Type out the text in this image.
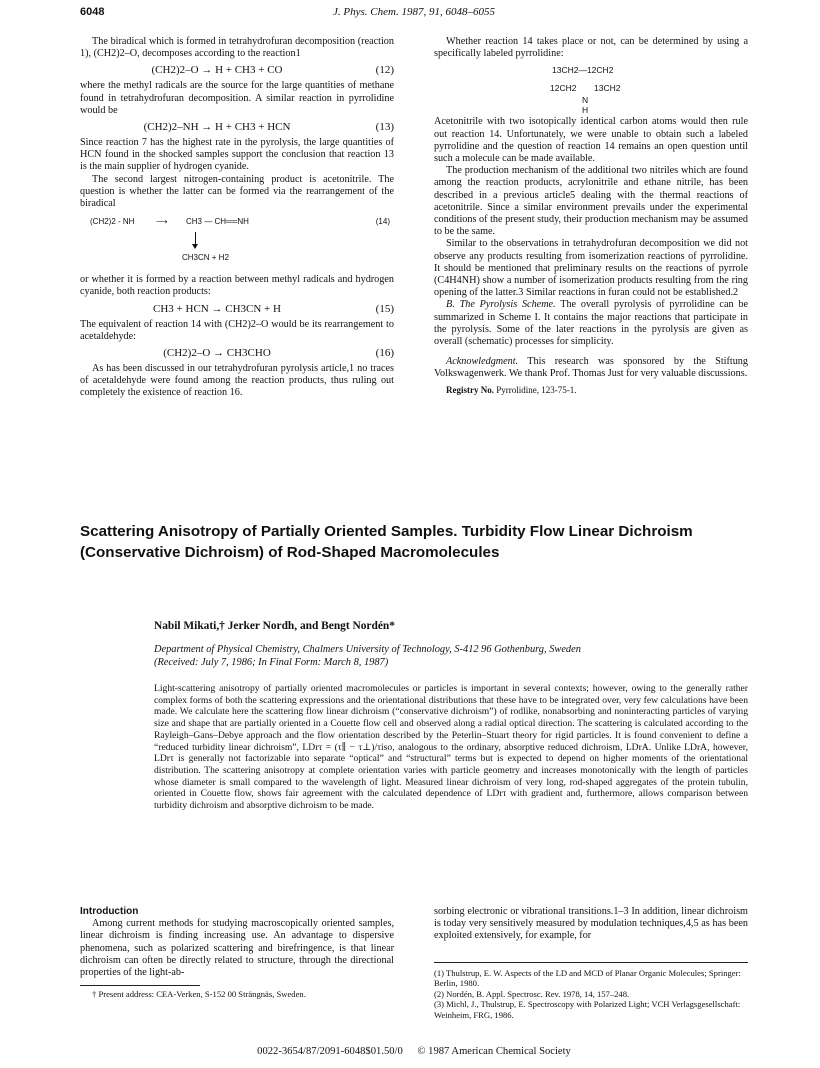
6048	J. Phys. Chem. 1987, 91, 6048–6055

The biradical which is formed in tetrahydrofuran decomposition (reaction 1), (CH2)2–O, decomposes according to the reaction1

(CH2)2–O → H + CH3 + CO	(12)

where the methyl radicals are the source for the large quantities of methane found in tetrahydrofuran decomposition. A similar reaction in pyrrolidine would be

(CH2)2–NH → H + CH3 + HCN	(13)

Since reaction 7 has the highest rate in the pyrolysis, the large quantities of HCN found in the shocked samples support the conclusion that reaction 13 is the main supplier of hydrogen cyanide.

The second largest nitrogen-containing product is acetonitrile. The question is whether the latter can be formed via the rearrangement of the biradical

(CH2)2 - NH	⟶ CH3 — CH══NH	(14)
CH3CN + H2

or whether it is formed by a reaction between methyl radicals and hydrogen cyanide, both reaction products:

CH3 + HCN → CH3CN + H	(15)

The equivalent of reaction 14 with (CH2)2–O would be its rearrangement to acetaldehyde:

(CH2)2–O → CH3CHO	(16)

As has been discussed in our tetrahydrofuran pyrolysis article,1 no traces of acetaldehyde were found among the reaction products, thus ruling out completely the existence of reaction 16.

Whether reaction 14 takes place or not, can be determined by using a specifically labeled pyrrolidine:

13CH2—12CH2
12CH2 13CH2
N
H

Acetonitrile with two isotopically identical carbon atoms would then rule out reaction 14. Unfortunately, we were unable to obtain such a labeled pyrrolidine and the question of reaction 14 remains an open question until such a molecule can be made available.

The production mechanism of the additional two nitriles which are found among the reaction products, acrylonitrile and ethane nitrile, has been described in a previous article5 dealing with the thermal reactions of acetonitrile. Since a similar environment prevails under the experimental conditions of the present study, their production mechanism may be assumed to be the same.

Similar to the observations in tetrahydrofuran decomposition we did not observe any products resulting from isomerization reactions of pyrrolidine. It should be mentioned that preliminary results on the reactions of pyrrole (C4H4NH) show a number of isomerization products resulting from the ring opening of the latter.3 Similar reactions in furan could not be established.2

B. The Pyrolysis Scheme. The overall pyrolysis of pyrrolidine can be summarized in Scheme I. It contains the major reactions that participate in the pyrolysis. Some of the later reactions in the pyrolysis are given as overall (schematic) processes for simplicity.

Acknowledgment. This research was sponsored by the Stiftung Volkswagenwerk. We thank Prof. Thomas Just for very valuable discussions.

Registry No. Pyrrolidine, 123-75-1.

Scattering Anisotropy of Partially Oriented Samples. Turbidity Flow Linear Dichroism
(Conservative Dichroism) of Rod-Shaped Macromolecules
Nabil Mikati,† Jerker Nordh, and Bengt Nordén*
Department of Physical Chemistry, Chalmers University of Technology, S-412 96 Gothenburg, Sweden
(Received: July 7, 1986; In Final Form: March 8, 1987)
Light-scattering anisotropy of partially oriented macromolecules or particles is important in several contexts; however, owing to the generally rather complex forms of both the scattering expressions and the orientational distributions that these have to be integrated over, very few calculations have been made. We calculate here the scattering flow linear dichroism (“conservative dichroism”) of rodlike, nonabsorbing and noninteracting particles of varying size and shape that are partially oriented in a Couette flow cell and observed along a radial optical direction. The scattering is calculated according to the Rayleigh–Gans–Debye approach and the flow orientation described by the Peterlin–Stuart theory for rigid particles. It is found convenient to define a “reduced turbidity linear dichroism”, LDrτ = (τ∥ − τ⊥)/τiso, analogous to the ordinary, absorptive reduced dichroism, LDrA. Unlike LDrA, however, LDrτ is generally not factorizable into separate “optical” and “structural” terms but is expected to depend on higher moments of the orientational distribution. The scattering anisotropy at complete orientation varies with particle geometry and increases monotonically with the length of particles whose diameter is small compared to the wavelength of light. Measured linear dichroism of very long, rod-shaped aggregates of the protein tubulin, oriented in Couette flow, shows fair agreement with the calculated dependence of LDrτ with gradient and, furthermore, allows comparison between turbidity dichroism and absorptive dichroism to be made.

Introduction

Among current methods for studying macroscopically oriented samples, linear dichroism is finding increasing use. An advantage to dispersive phenomena, such as polarized scattering and birefringence, is that linear dichroism can often be directly related to structure, through the directional properties of the light-ab-

† Present address: CEA-Verken, S-152 00 Strängnäs, Sweden.

sorbing electronic or vibrational transitions.1–3 In addition, linear dichroism is today very sensitively measured by modulation techniques,4,5 as has been exploited extensively, for example, for

(1) Thulstrup, E. W. Aspects of the LD and MCD of Planar Organic Molecules; Springer: Berlin, 1980.

(2) Nordén, B. Appl. Spectrosc. Rev. 1978, 14, 157–248.

(3) Michl, J., Thulstrup, E. Spectroscopy with Polarized Light; VCH Verlagsgesellschaft: Weinheim, FRG, 1986.

0022-3654/87/2091-6048$01.50/0 © 1987 American Chemical Society
